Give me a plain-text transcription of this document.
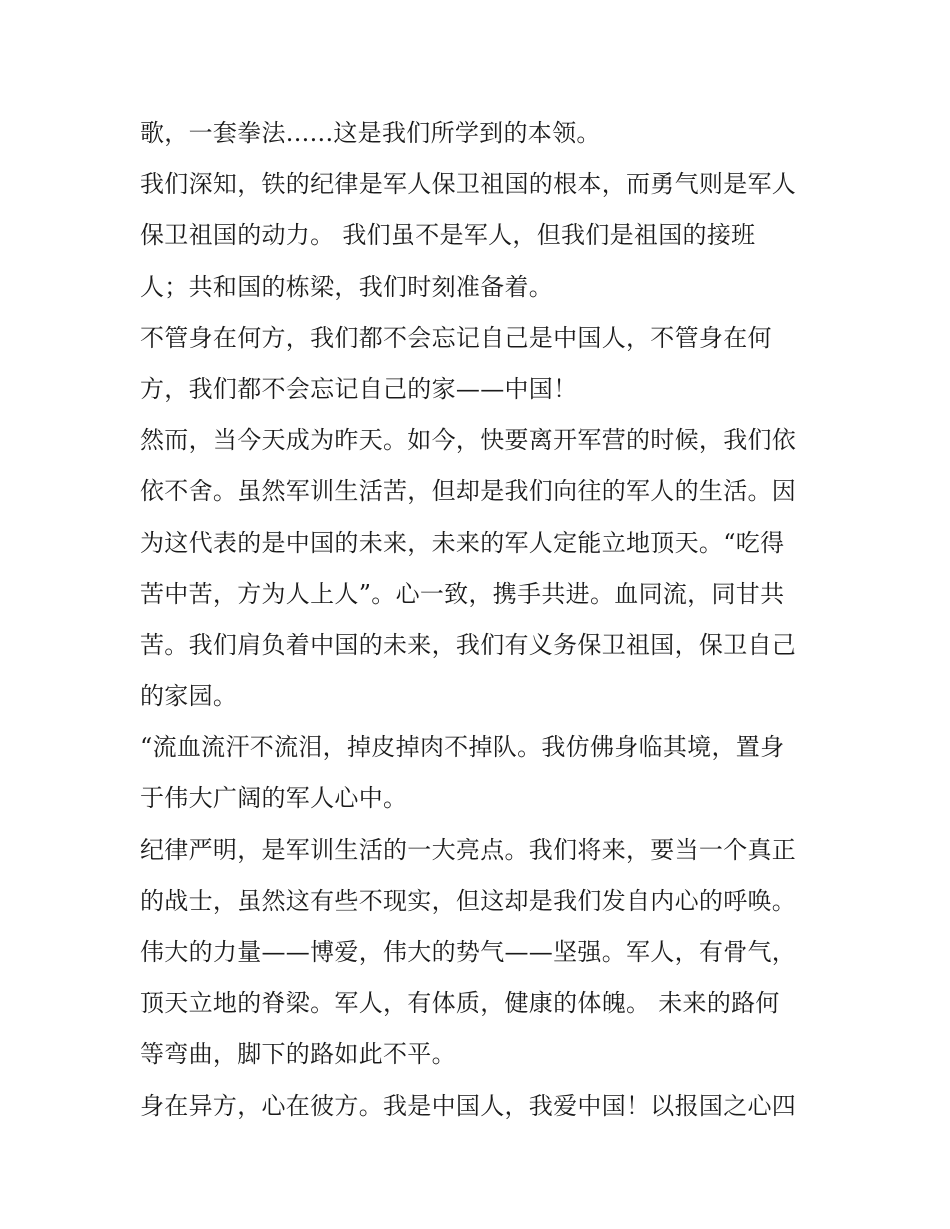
歌，一套拳法......这是我们所学到的本领。
我们深知，铁的纪律是军人保卫祖国的根本，而勇气则是军人
保卫祖国的动力。 我们虽不是军人，但我们是祖国的接班
人；共和国的栋梁，我们时刻准备着。
不管身在何方，我们都不会忘记自己是中国人，不管身在何
方，我们都不会忘记自己的家——中国！
然而，当今天成为昨天。如今，快要离开军营的时候，我们依
依不舍。虽然军训生活苦，但却是我们向往的军人的生活。因
为这代表的是中国的未来，未来的军人定能立地顶天。“吃得
苦中苦，方为人上人”。心一致，携手共进。血同流，同甘共
苦。我们肩负着中国的未来，我们有义务保卫祖国，保卫自己
的家园。
“流血流汗不流泪，掉皮掉肉不掉队。我仿佛身临其境，置身
于伟大广阔的军人心中。
纪律严明，是军训生活的一大亮点。我们将来，要当一个真正
的战士，虽然这有些不现实，但这却是我们发自内心的呼唤。
伟大的力量——博爱，伟大的势气——坚强。军人，有骨气，
顶天立地的脊梁。军人，有体质，健康的体魄。 未来的路何
等弯曲，脚下的路如此不平。
身在异方，心在彼方。我是中国人，我爱中国！以报国之心四
